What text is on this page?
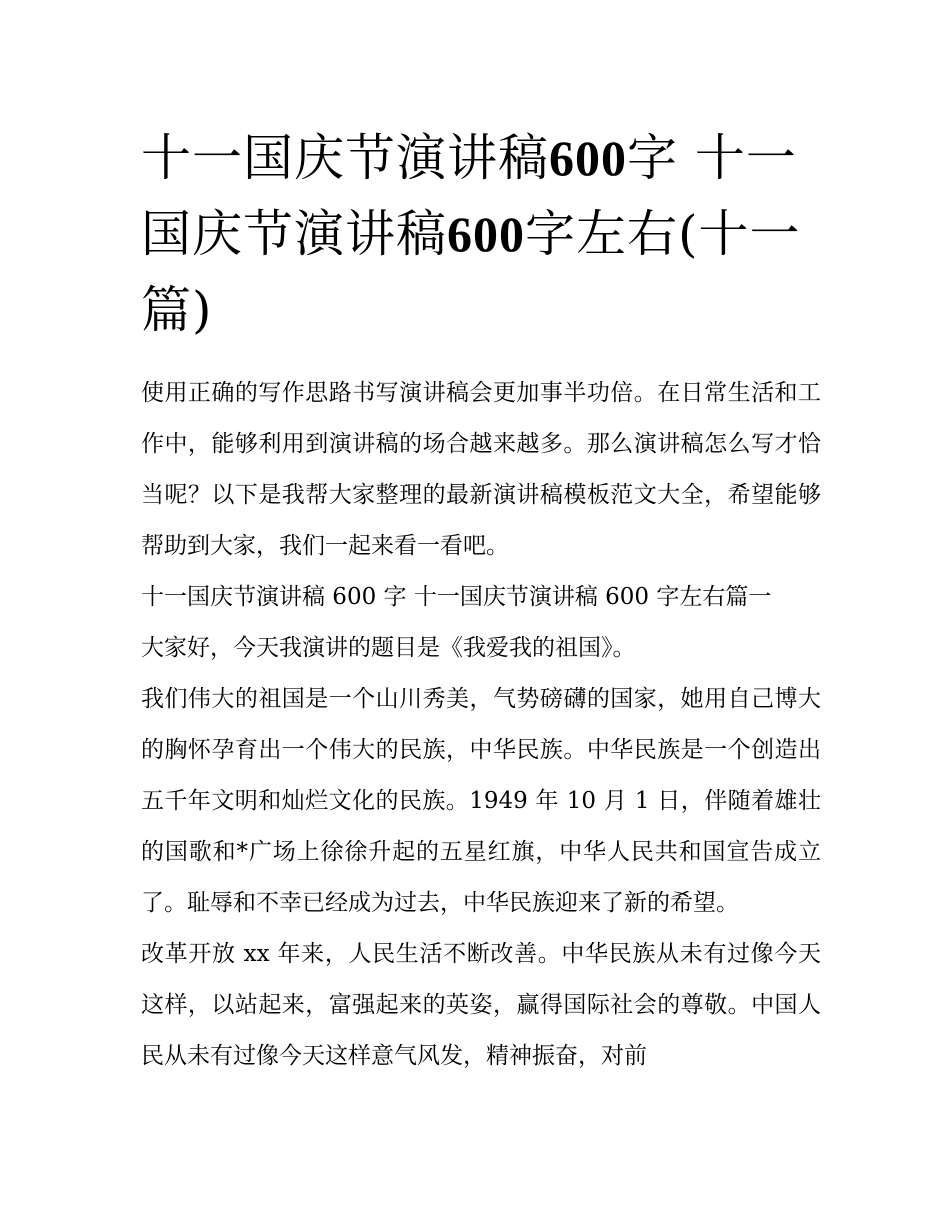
十一国庆节演讲稿600字 十一国庆节演讲稿600字左右(十一篇)

使用正确的写作思路书写演讲稿会更加事半功倍。在日常生活和工作中，能够利用到演讲稿的场合越来越多。那么演讲稿怎么写才恰当呢？以下是我帮大家整理的最新演讲稿模板范文大全，希望能够帮助到大家，我们一起来看一看吧。

十一国庆节演讲稿 600 字 十一国庆节演讲稿 600 字左右篇一

大家好，今天我演讲的题目是《我爱我的祖国》。

我们伟大的祖国是一个山川秀美，气势磅礴的国家，她用自己博大的胸怀孕育出一个伟大的民族，中华民族。中华民族是一个创造出五千年文明和灿烂文化的民族。1949 年 10 月 1 日，伴随着雄壮的国歌和*广场上徐徐升起的五星红旗，中华人民共和国宣告成立了。耻辱和不幸已经成为过去，中华民族迎来了新的希望。

改革开放 xx 年来，人民生活不断改善。中华民族从未有过像今天这样，以站起来，富强起来的英姿，赢得国际社会的尊敬。中国人民从未有过像今天这样意气风发，精神振奋，对前
